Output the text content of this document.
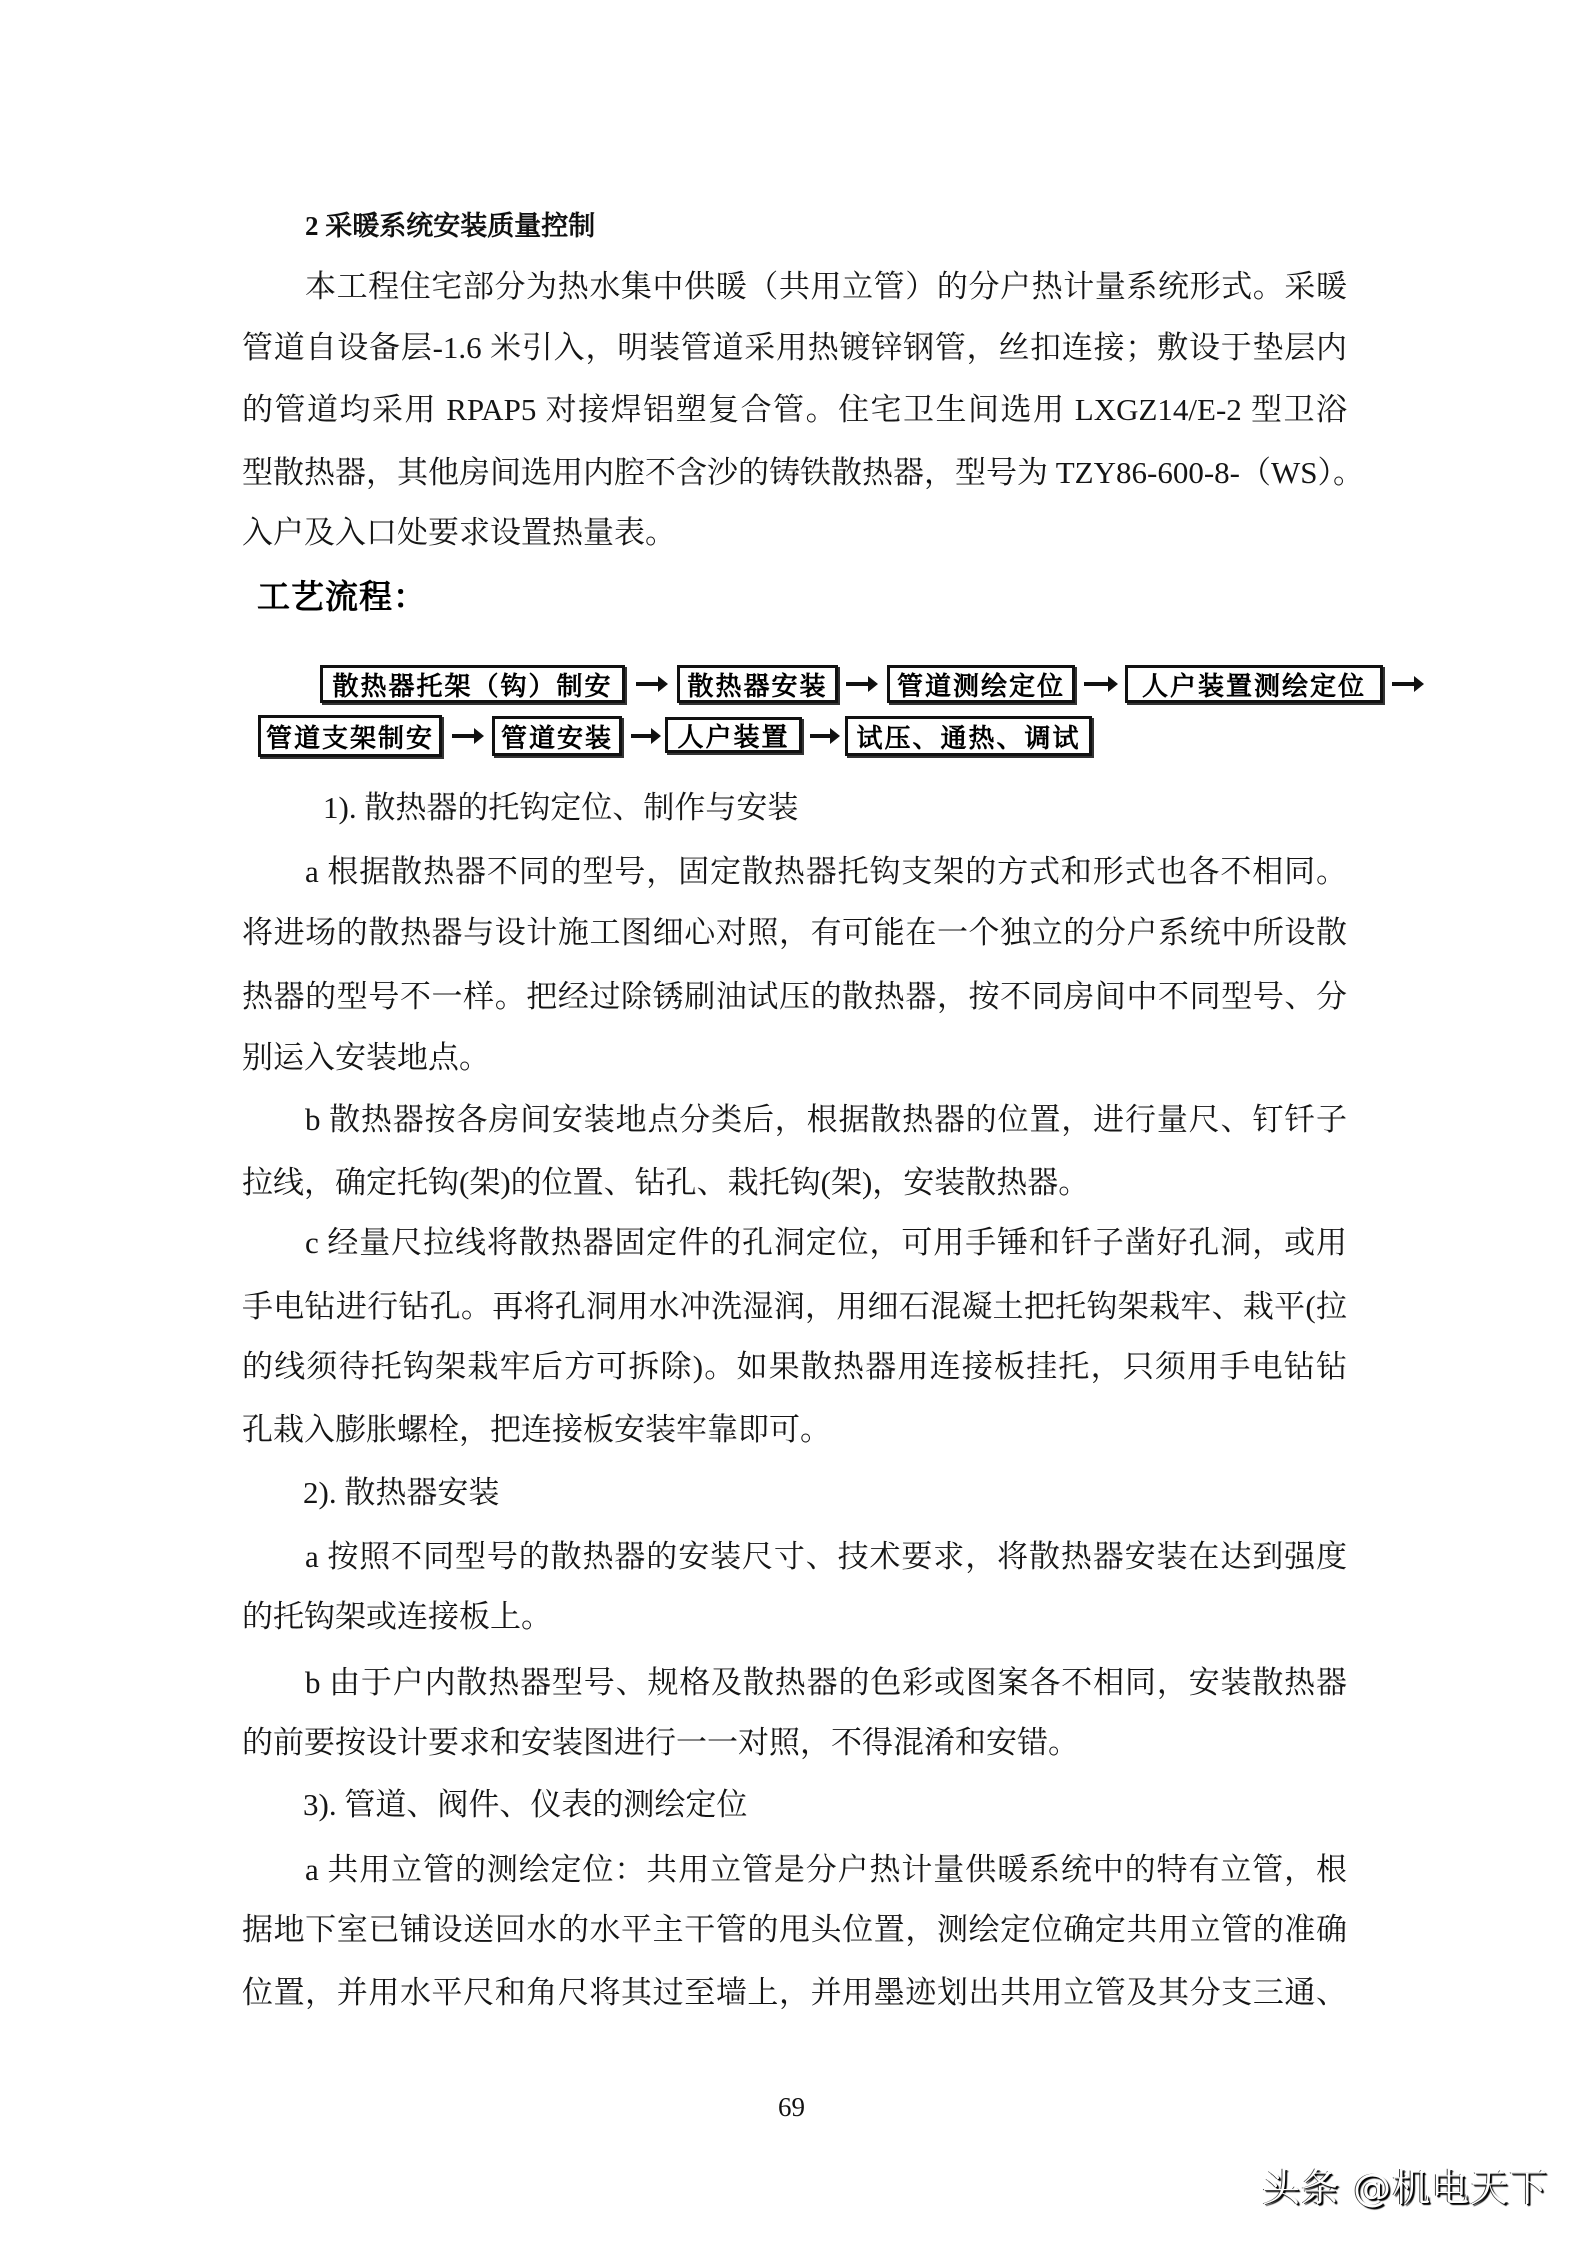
2 采暖系统安装质量控制
本工程住宅部分为热水集中供暖（共用立管）的分户热计量系统形式。采暖
管道自设备层-1.6 米引入，明装管道采用热镀锌钢管，丝扣连接；敷设于垫层内
的管道均采用 RPAP5 对接焊铝塑复合管。住宅卫生间选用 LXGZ14/E-2 型卫浴
型散热器，其他房间选用内腔不含沙的铸铁散热器，型号为 TZY86-600-8-（WS）。
入户及入口处要求设置热量表。
工艺流程：
散热器托架（钩）制安	散热器安装	管道测绘定位	人户装置测绘定位
管道支架制安	管道安装	人户装置	试压、通热、调试
1). 散热器的托钩定位、制作与安装
a 根据散热器不同的型号，固定散热器托钩支架的方式和形式也各不相同。
将进场的散热器与设计施工图细心对照，有可能在一个独立的分户系统中所设散
热器的型号不一样。把经过除锈刷油试压的散热器，按不同房间中不同型号、分
别运入安装地点。
b 散热器按各房间安装地点分类后，根据散热器的位置，进行量尺、钉钎子
拉线，确定托钩(架)的位置、钻孔、栽托钩(架)，安装散热器。
c 经量尺拉线将散热器固定件的孔洞定位，可用手锤和钎子凿好孔洞，或用
手电钻进行钻孔。再将孔洞用水冲洗湿润，用细石混凝土把托钩架栽牢、栽平(拉
的线须待托钩架栽牢后方可拆除)。如果散热器用连接板挂托，只须用手电钻钻
孔栽入膨胀螺栓，把连接板安装牢靠即可。
2). 散热器安装
a 按照不同型号的散热器的安装尺寸、技术要求，将散热器安装在达到强度
的托钩架或连接板上。
b 由于户内散热器型号、规格及散热器的色彩或图案各不相同，安装散热器
的前要按设计要求和安装图进行一一对照，不得混淆和安错。
3). 管道、阀件、仪表的测绘定位
a 共用立管的测绘定位：共用立管是分户热计量供暖系统中的特有立管，根
据地下室已铺设送回水的水平主干管的甩头位置，测绘定位确定共用立管的准确
位置，并用水平尺和角尺将其过至墙上，并用墨迹划出共用立管及其分支三通、
69
头条 @机电天下
